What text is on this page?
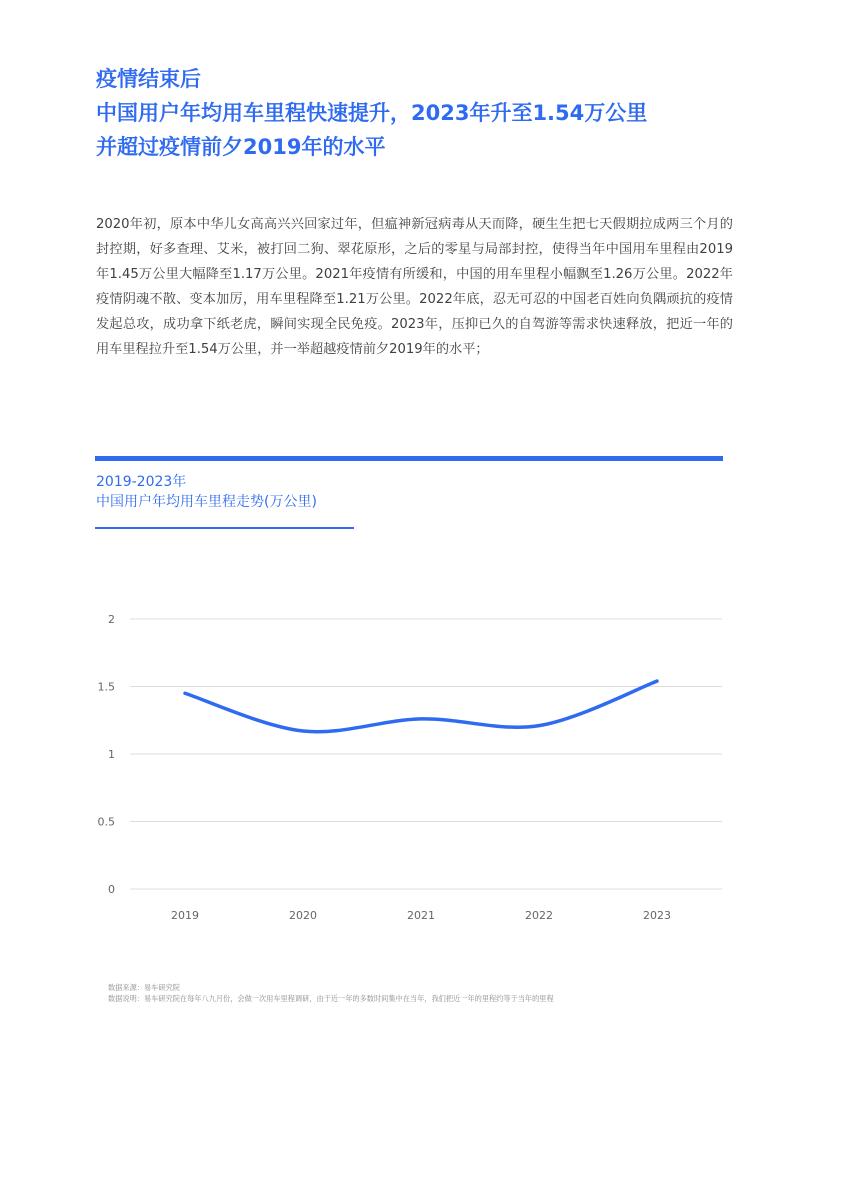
疫情结束后
中国用户年均用车里程快速提升，2023年升至1.54万公里
并超过疫情前夕2019年的水平

2020年初，原本中华儿女高高兴兴回家过年，但瘟神新冠病毒从天而降，硬生生把七天假期拉成两三个月的封控期，好多查理、艾米，被打回二狗、翠花原形，之后的零星与局部封控，使得当年中国用车里程由2019年1.45万公里大幅降至1.17万公里。2021年疫情有所缓和，中国的用车里程小幅飘至1.26万公里。2022年疫情阴魂不散、变本加厉，用车里程降至1.21万公里。2022年底，忍无可忍的中国老百姓向负隅顽抗的疫情发起总攻，成功拿下纸老虎，瞬间实现全民免疫。2023年，压抑已久的自驾游等需求快速释放，把近一年的用车里程拉升至1.54万公里，并一举超越疫情前夕2019年的水平；

2019-2023年
中国用户年均用车里程走势(万公里)
0
0.5
1
1.5
2
2019	2020	2021	2022	2023
数据来源：易车研究院
数据说明：易车研究院在每年八九月份，会做一次用车里程调研，由于近一年的多数时间集中在当年，我们把近一年的里程约等于当年的里程
